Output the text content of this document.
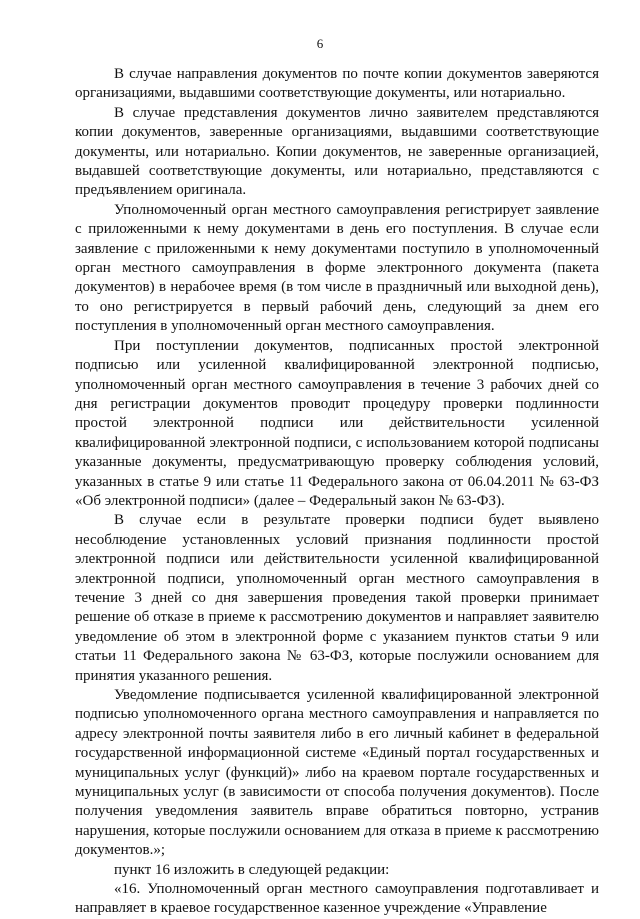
6

В случае направления документов по почте копии документов заверяются организациями, выдавшими соответствующие документы, или нотариально.

В случае представления документов лично заявителем представляются копии документов, заверенные организациями, выдавшими соответствующие документы, или нотариально. Копии документов, не заверенные организацией, выдавшей соответствующие документы, или нотариально, представляются с предъявлением оригинала.

Уполномоченный орган местного самоуправления регистрирует заявление с приложенными к нему документами в день его поступления. В случае если заявление с приложенными к нему документами поступило в уполномоченный орган местного самоуправления в форме электронного документа (пакета документов) в нерабочее время (в том числе в праздничный или выходной день), то оно регистрируется в первый рабочий день, следующий за днем его поступления в уполномоченный орган местного самоуправления.

При поступлении документов, подписанных простой электронной подписью или усиленной квалифицированной электронной подписью, уполномоченный орган местного самоуправления в течение 3 рабочих дней со дня регистрации документов проводит процедуру проверки подлинности простой электронной подписи или действительности усиленной квалифицированной электронной подписи, с использованием которой подписаны указанные документы, предусматривающую проверку соблюдения условий, указанных в статье 9 или статье 11 Федерального закона от 06.04.2011 № 63-ФЗ «Об электронной подписи» (далее – Федеральный закон № 63-ФЗ).

В случае если в результате проверки подписи будет выявлено несоблюдение установленных условий признания подлинности простой электронной подписи или действительности усиленной квалифицированной электронной подписи, уполномоченный орган местного самоуправления в течение 3 дней со дня завершения проведения такой проверки принимает решение об отказе в приеме к рассмотрению документов и направляет заявителю уведомление об этом в электронной форме с указанием пунктов статьи 9 или статьи 11 Федерального закона № 63-ФЗ, которые послужили основанием для принятия указанного решения.

Уведомление подписывается усиленной квалифицированной электронной подписью уполномоченного органа местного самоуправления и направляется по адресу электронной почты заявителя либо в его личный кабинет в федеральной государственной информационной системе «Единый портал государственных и муниципальных услуг (функций)» либо на краевом портале государственных и муниципальных услуг (в зависимости от способа получения документов). После получения уведомления заявитель вправе обратиться повторно, устранив нарушения, которые послужили основанием для отказа в приеме к рассмотрению документов.»;

пункт 16 изложить в следующей редакции:

«16. Уполномоченный орган местного самоуправления подготавливает и направляет в краевое государственное казенное учреждение «Управление
